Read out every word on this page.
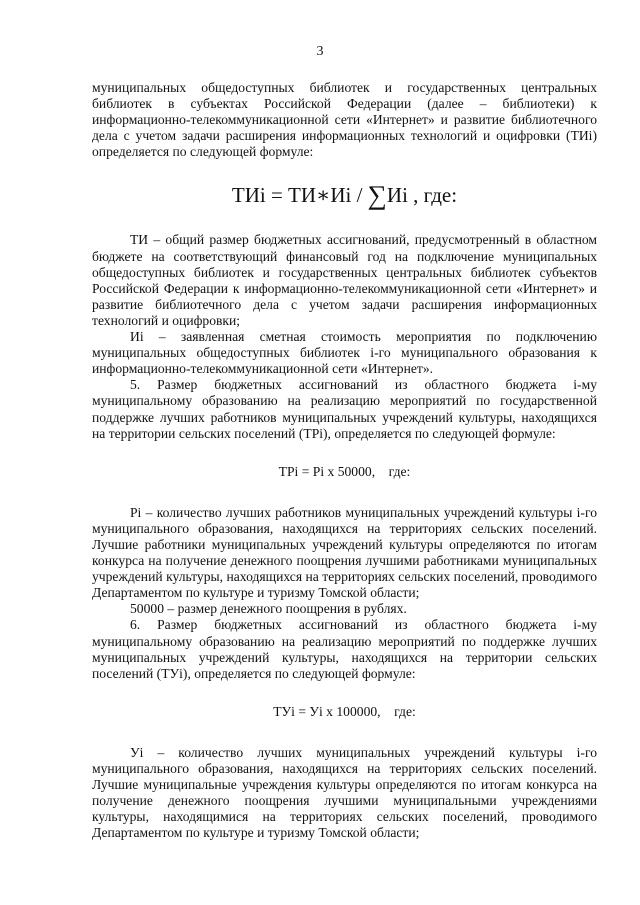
3

муниципальных общедоступных библиотек и государственных центральных библиотек в субъектах Российской Федерации (далее – библиотеки) к информационно-телекоммуникационной сети «Интернет» и развитие библиотечного дела с учетом задачи расширения информационных технологий и оцифровки (ТИi) определяется по следующей формуле:

ТИi = ТИ∗Иi / ∑Иi , где:

ТИ – общий размер бюджетных ассигнований, предусмотренный в областном бюджете на соответствующий финансовый год на подключение муниципальных общедоступных библиотек и государственных центральных библиотек субъектов Российской Федерации к информационно-телекоммуникационной сети «Интернет» и развитие библиотечного дела с учетом задачи расширения информационных технологий и оцифровки;

Иi – заявленная сметная стоимость мероприятия по подключению муниципальных общедоступных библиотек i-го муниципального образования к информационно-телекоммуникационной сети «Интернет».

5. Размер бюджетных ассигнований из областного бюджета i-му муниципальному образованию на реализацию мероприятий по государственной поддержке лучших работников муниципальных учреждений культуры, находящихся на территории сельских поселений (ТРi), определяется по следующей формуле:

ТРi = Рi x 50000,    где:

Рi – количество лучших работников муниципальных учреждений культуры i-го муниципального образования, находящихся на территориях сельских поселений. Лучшие работники муниципальных учреждений культуры определяются по итогам конкурса на получение денежного поощрения лучшими работниками муниципальных учреждений культуры, находящихся на территориях сельских поселений, проводимого Департаментом по культуре и туризму Томской области;

50000 – размер денежного поощрения в рублях.

6. Размер бюджетных ассигнований из областного бюджета i-му муниципальному образованию на реализацию мероприятий по поддержке лучших муниципальных учреждений культуры, находящихся на территории сельских поселений (ТУi), определяется по следующей формуле:

ТУi = Уi x 100000,    где:

Уi – количество лучших муниципальных учреждений культуры i-го муниципального образования, находящихся на территориях сельских поселений. Лучшие муниципальные учреждения культуры определяются по итогам конкурса на получение денежного поощрения лучшими муниципальными учреждениями культуры, находящимися на территориях сельских поселений, проводимого Департаментом по культуре и туризму Томской области;
